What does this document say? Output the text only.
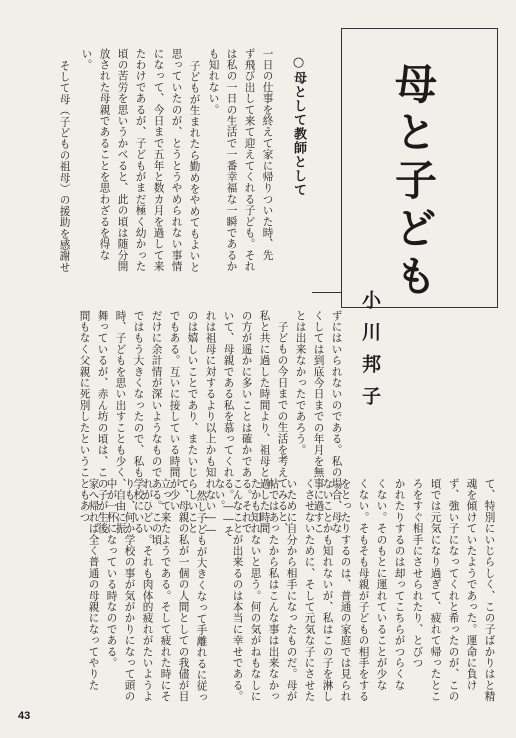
母と子ども
小川邦子
○母として教師として
一日の仕事を終えて家に帰りついた時、先
ず飛び出して来て迎えてくれる子ども。それ
は私の一日の生活で一番幸福な一瞬であるか
も知れない。
子どもが生まれたら勤めをやめてもよいと
思っていたのが、とうとうやめられない事情
になって、今日まで五年と数カ月を過して来
たわけであるが、子どもがまだ極く幼かった
頃の苦労を思いうかべると、此の頃は随分開
放された母親であることを思わざるを得な
い。
そして母（子どもの祖母）の援助を感謝せ
ずにはいられないのである。私の場合、母な
くしては到底今日までの年月を無事に過すこ
とは出来なかったであろう。
子どもの今日までの生活を考えてみると、
私と共に過した時間より、祖母と過した時間
の方が遥かに多いことは確かである。それで
いて、母親である私を慕ってくれる。――そ
れは祖母に対するより以上かも知れない――
のは嬉しいことであり、またいじらしいこと
でもある。互いに接している時間が少い
だけに余計情が深いようなものである。この頃
ではもう大きくなったので、私も学校にいる
時、子どもを思い出すことも少く、自由に振
舞っているが、赤ん坊の頃は、この子が生後
間もなく父親に死別したということもあつ
て、特別にいじらしく、この子ばかりはと精
魂を傾けていたようであった。運命に負け
ず、強い子になってくれと希ったのが、この
頃では元気になり過ぎて、疲れて帰ったとこ
ろをすぐ相手にさせられたり、とびつ
かれたりするのは却ってこちらがつらくな
くない。そのもとに運れていることが少な
くない。そもそも母親が子どもの相手をする
をとったりするのは、普通の家庭では見られ
ないことかも知れないが、私はこの子を淋し
くさせないために、そして元気な子にさせた
いために自分から相手になったものだ。母が
帖ではあったから私はこんな事は出来なかっ
たかも知れないと思う。何の気がねもなしに
こんなことが出来るのは本当に幸せである。
ない。
然し子どもが大きくなって手離れるに従っ
て、母親の私が一個の人間としての我儘が目
立って来たようである。そして疲れた時にそ
れがひどい。それも肉体的疲れがたいようよ
りも、何か学校の事が気がかりになって頭の
中が一杯になっている時なのである。
家へ帰れば全く普通の母親になってやりた
43
